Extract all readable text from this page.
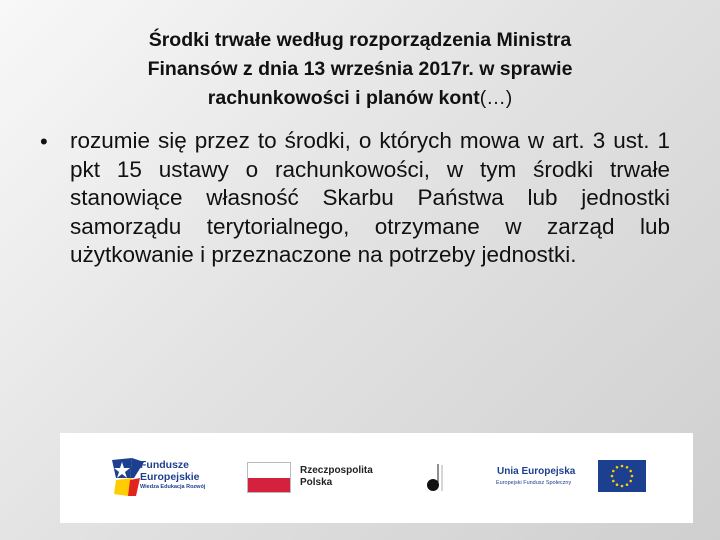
Środki trwałe według rozporządzenia Ministra
Finansów z dnia 13 września 2017r. w sprawie
rachunkowości i planów kont(…)
• rozumie się przez to środki, o których mowa w art. 3 ust. 1 pkt 15 ustawy o rachunkowości, w tym środki trwałe stanowiące własność Skarbu Państwa lub jednostki samorządu terytorialnego, otrzymane w zarząd lub użytkowanie i przeznaczone na potrzeby jednostki.
Fundusze Europejskie
Wiedza Edukacja Rozwój
Rzeczpospolita Polska
Unia Europejska
Europejski Fundusz Społeczny
